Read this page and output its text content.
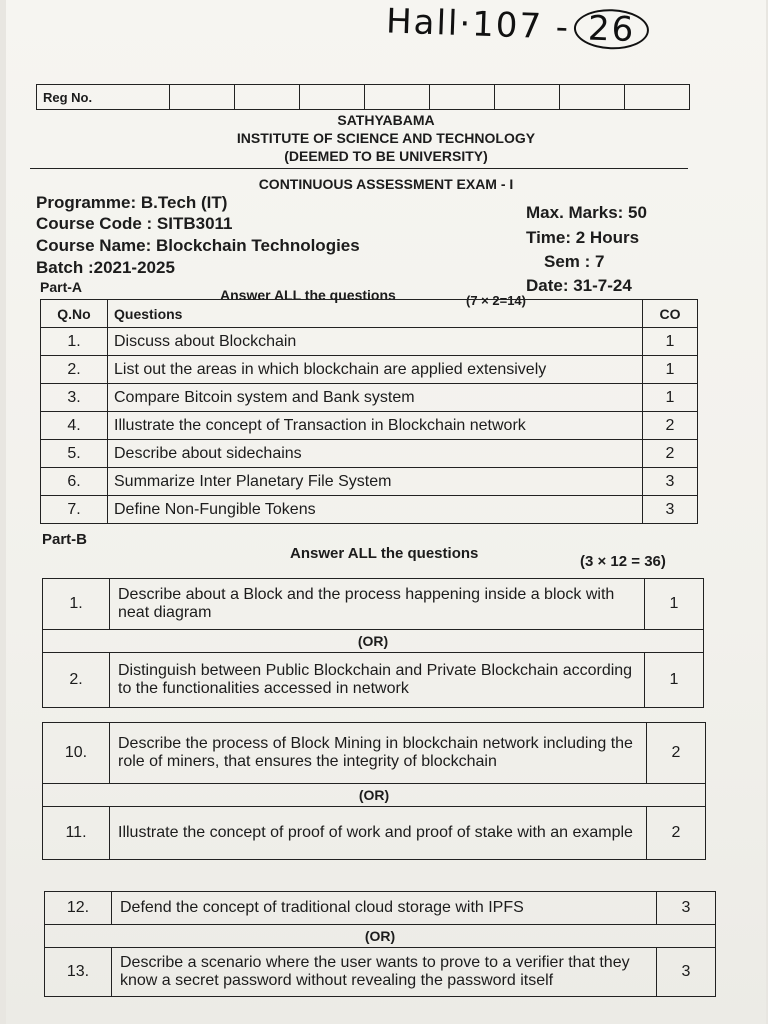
Hall·107 - 26
Reg No.								
SATHYABAMA
INSTITUTE OF SCIENCE AND TECHNOLOGY
(DEEMED TO BE UNIVERSITY)
CONTINUOUS ASSESSMENT EXAM - I
Programme: B.Tech (IT)
Course Code : SITB3011
Course Name: Blockchain Technologies
Batch :2021-2025
Max. Marks: 50
Time: 2 Hours
Sem : 7
Date: 31-7-24
Part-A	Answer ALL the questions	(7 × 2=14)
Q.No	Questions	CO
1.	Discuss about Blockchain	1
2.	List out the areas in which blockchain are applied extensively	1
3.	Compare Bitcoin system and Bank system	1
4.	Illustrate the concept of Transaction in Blockchain network	2
5.	Describe about sidechains	2
6.	Summarize Inter Planetary File System	3
7.	Define Non-Fungible Tokens	3
Part-B
Answer ALL the questions	(3 × 12 = 36)
1.	Describe about a Block and the process happening inside a block with neat diagram	1
(OR)		
2.	Distinguish between Public Blockchain and Private Blockchain according to the functionalities accessed in network	1
10.	Describe the process of Block Mining in blockchain network including the role of miners, that ensures the integrity of blockchain	2
(OR)		
11.	Illustrate the concept of proof of work and proof of stake with an example	2
12.	Defend the concept of traditional cloud storage with IPFS	3
(OR)		
13.	Describe a scenario where the user wants to prove to a verifier that they know a secret password without revealing the password itself	3
